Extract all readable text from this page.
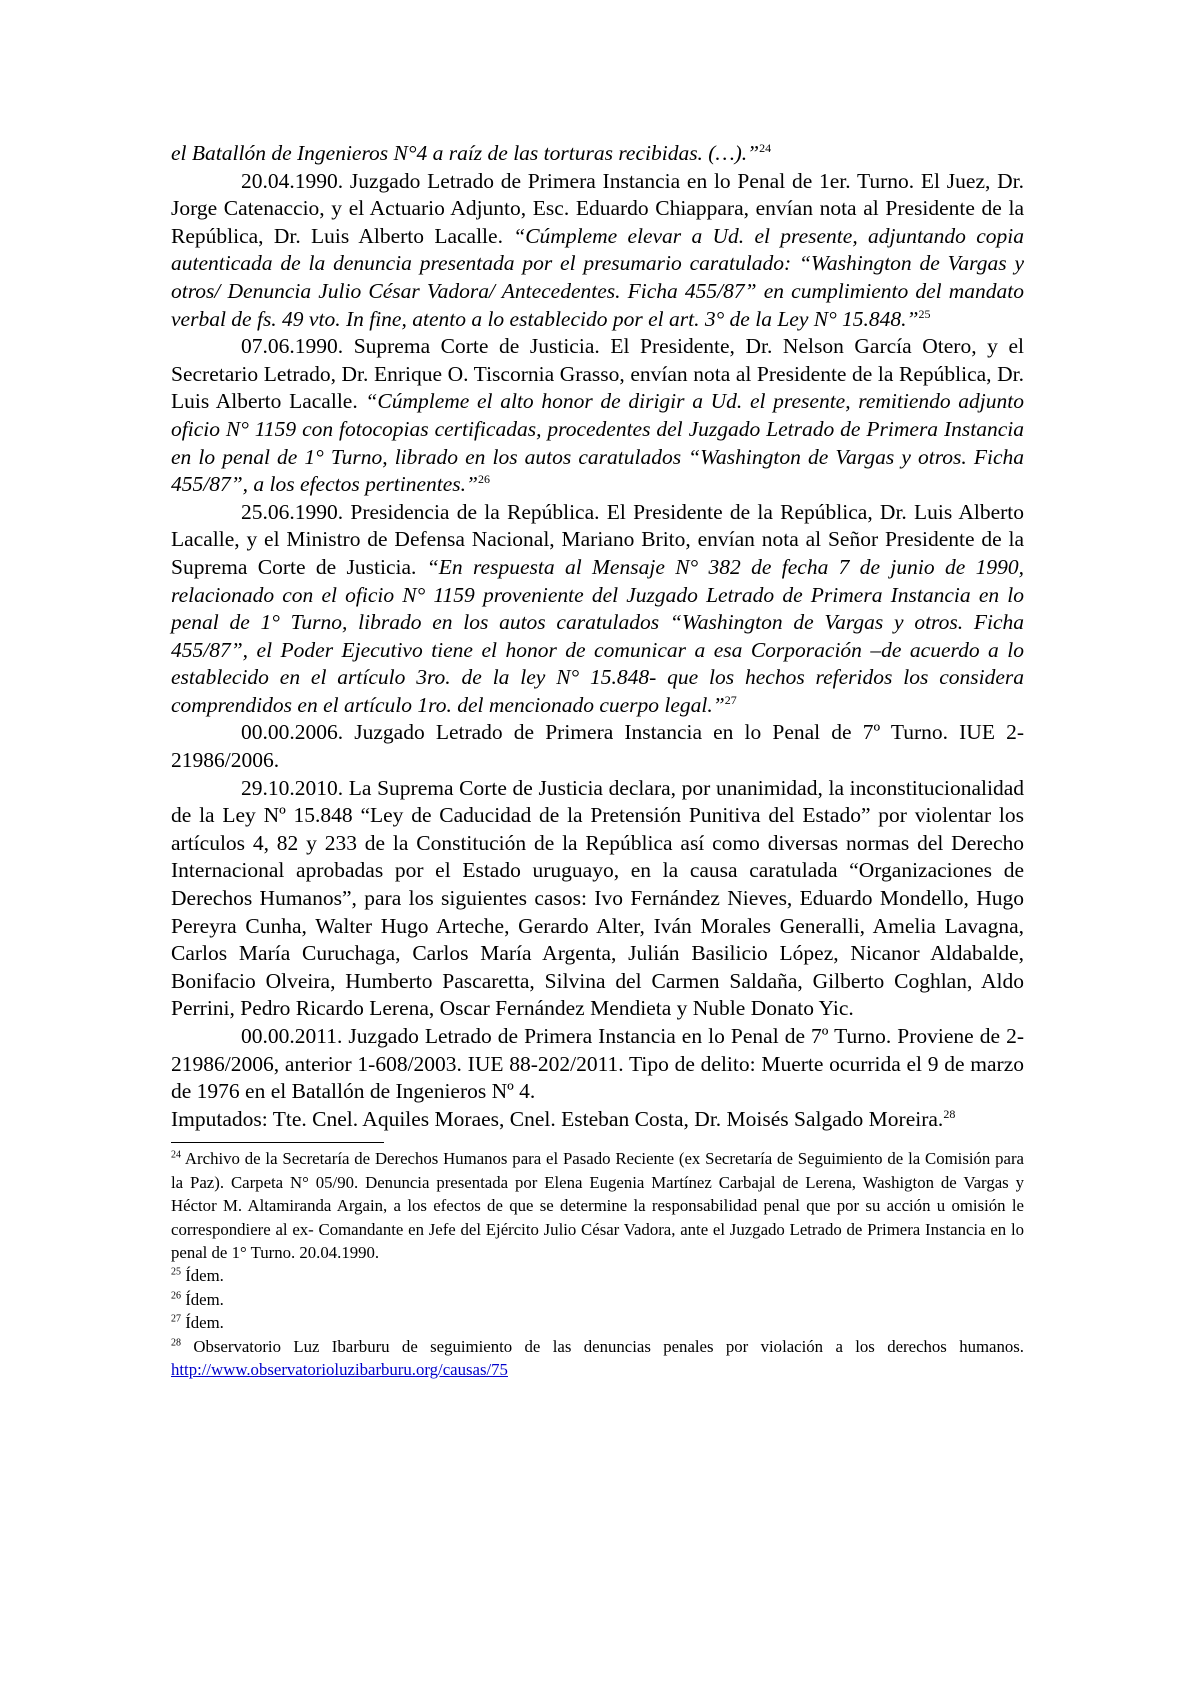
el Batallón de Ingenieros N°4 a raíz de las torturas recibidas. (…).”$^{24}$

20.04.1990. Juzgado Letrado de Primera Instancia en lo Penal de 1er. Turno. El Juez, Dr. Jorge Catenaccio, y el Actuario Adjunto, Esc. Eduardo Chiappara, envían nota al Presidente de la República, Dr. Luis Alberto Lacalle. “Cúmpleme elevar a Ud. el presente, adjuntando copia autenticada de la denuncia presentada por el presumario caratulado: “Washington de Vargas y otros/ Denuncia Julio César Vadora/ Antecedentes. Ficha 455/87” en cumplimiento del mandato verbal de fs. 49 vto. In fine, atento a lo establecido por el art. 3° de la Ley N° 15.848.”$^{25}$

07.06.1990. Suprema Corte de Justicia. El Presidente, Dr. Nelson García Otero, y el Secretario Letrado, Dr. Enrique O. Tiscornia Grasso, envían nota al Presidente de la República, Dr. Luis Alberto Lacalle. “Cúmpleme el alto honor de dirigir a Ud. el presente, remitiendo adjunto oficio N° 1159 con fotocopias certificadas, procedentes del Juzgado Letrado de Primera Instancia en lo penal de 1° Turno, librado en los autos caratulados “Washington de Vargas y otros. Ficha 455/87”, a los efectos pertinentes.”$^{26}$

25.06.1990. Presidencia de la República. El Presidente de la República, Dr. Luis Alberto Lacalle, y el Ministro de Defensa Nacional, Mariano Brito, envían nota al Señor Presidente de la Suprema Corte de Justicia. “En respuesta al Mensaje N° 382 de fecha 7 de junio de 1990, relacionado con el oficio N° 1159 proveniente del Juzgado Letrado de Primera Instancia en lo penal de 1° Turno, librado en los autos caratulados “Washington de Vargas y otros. Ficha 455/87”, el Poder Ejecutivo tiene el honor de comunicar a esa Corporación –de acuerdo a lo establecido en el artículo 3ro. de la ley N° 15.848- que los hechos referidos los considera comprendidos en el artículo 1ro. del mencionado cuerpo legal.”$^{27}$

00.00.2006. Juzgado Letrado de Primera Instancia en lo Penal de 7º Turno. IUE 2-21986/2006.

29.10.2010. La Suprema Corte de Justicia declara, por unanimidad, la inconstitucionalidad de la Ley Nº 15.848 “Ley de Caducidad de la Pretensión Punitiva del Estado” por violentar los artículos 4, 82 y 233 de la Constitución de la República así como diversas normas del Derecho Internacional aprobadas por el Estado uruguayo, en la causa caratulada “Organizaciones de Derechos Humanos”, para los siguientes casos: Ivo Fernández Nieves, Eduardo Mondello, Hugo Pereyra Cunha, Walter Hugo Arteche, Gerardo Alter, Iván Morales Generalli, Amelia Lavagna, Carlos María Curuchaga, Carlos María Argenta, Julián Basilicio López, Nicanor Aldabalde, Bonifacio Olveira, Humberto Pascaretta, Silvina del Carmen Saldaña, Gilberto Coghlan, Aldo Perrini, Pedro Ricardo Lerena, Oscar Fernández Mendieta y Nuble Donato Yic.

00.00.2011. Juzgado Letrado de Primera Instancia en lo Penal de 7º Turno. Proviene de 2-21986/2006, anterior 1-608/2003. IUE 88-202/2011. Tipo de delito: Muerte ocurrida el 9 de marzo de 1976 en el Batallón de Ingenieros Nº 4.

Imputados: Tte. Cnel. Aquiles Moraes, Cnel. Esteban Costa, Dr. Moisés Salgado Moreira.$^{28}$

$^{24}$ Archivo de la Secretaría de Derechos Humanos para el Pasado Reciente (ex Secretaría de Seguimiento de la Comisión para la Paz). Carpeta N° 05/90. Denuncia presentada por Elena Eugenia Martínez Carbajal de Lerena, Washigton de Vargas y Héctor M. Altamiranda Argain, a los efectos de que se determine la responsabilidad penal que por su acción u omisión le correspondiere al ex- Comandante en Jefe del Ejército Julio César Vadora, ante el Juzgado Letrado de Primera Instancia en lo penal de 1° Turno. 20.04.1990.

$^{25}$ Ídem.

$^{26}$ Ídem.

$^{27}$ Ídem.

$^{28}$ Observatorio Luz Ibarburu de seguimiento de las denuncias penales por violación a los derechos humanos. http://www.observatorioluzibarburu.org/causas/75
